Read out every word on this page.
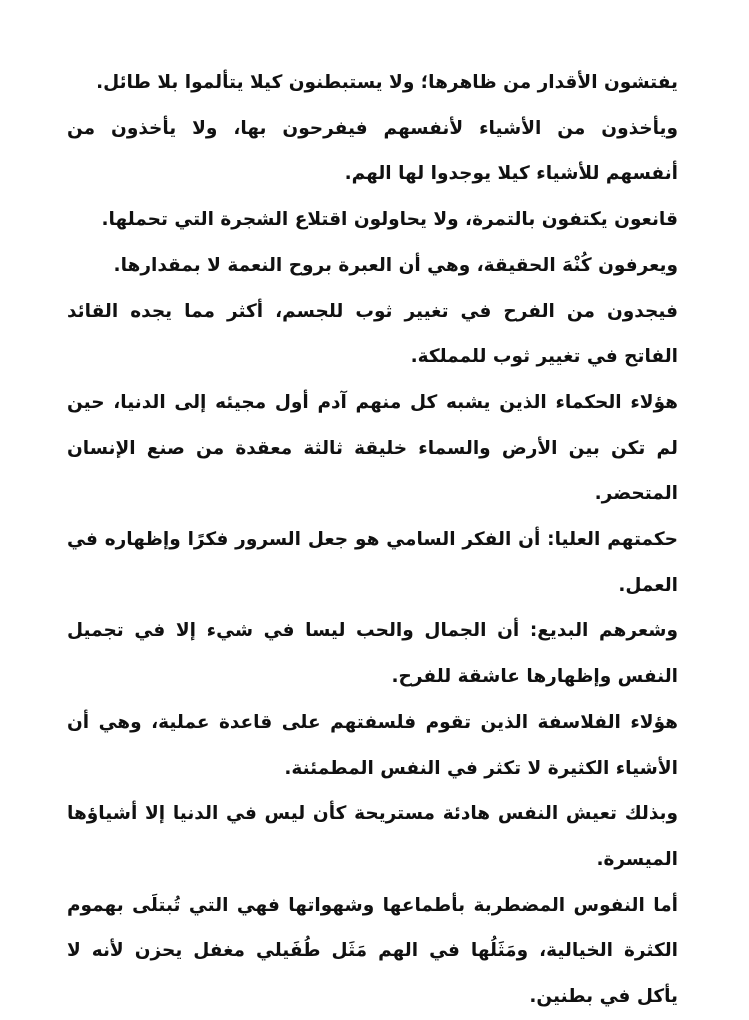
يفتشون الأقدار من ظاهرها؛ ولا يستبطنون كيلا يتألموا بلا طائل.

ويأخذون من الأشياء لأنفسهم فيفرحون بها، ولا يأخذون من أنفسهم للأشياء كيلا يوجدوا لها الهم.

قانعون يكتفون بالتمرة، ولا يحاولون اقتلاع الشجرة التي تحملها.

ويعرفون كُنْهَ الحقيقة، وهي أن العبرة بروح النعمة لا بمقدارها.

فيجدون من الفرح في تغيير ثوب للجسم، أكثر مما يجده القائد الفاتح في تغيير ثوب للمملكة.

هؤلاء الحكماء الذين يشبه كل منهم آدم أول مجيئه إلى الدنيا، حين لم تكن بين الأرض والسماء خليقة ثالثة معقدة من صنع الإنسان المتحضر.

حكمتهم العليا: أن الفكر السامي هو جعل السرور فكرًا وإظهاره في العمل.

وشعرهم البديع: أن الجمال والحب ليسا في شيء إلا في تجميل النفس وإظهارها عاشقة للفرح.

هؤلاء الفلاسفة الذين تقوم فلسفتهم على قاعدة عملية، وهي أن الأشياء الكثيرة لا تكثر في النفس المطمئنة.

وبذلك تعيش النفس هادئة مستريحة كأن ليس في الدنيا إلا أشياؤها الميسرة.

أما النفوس المضطربة بأطماعها وشهواتها فهي التي تُبتلَى بهموم الكثرة الخيالية، ومَثَلُها في الهم مَثَل طُفَيلي مغفل يحزن لأنه لا يأكل في بطنين.
